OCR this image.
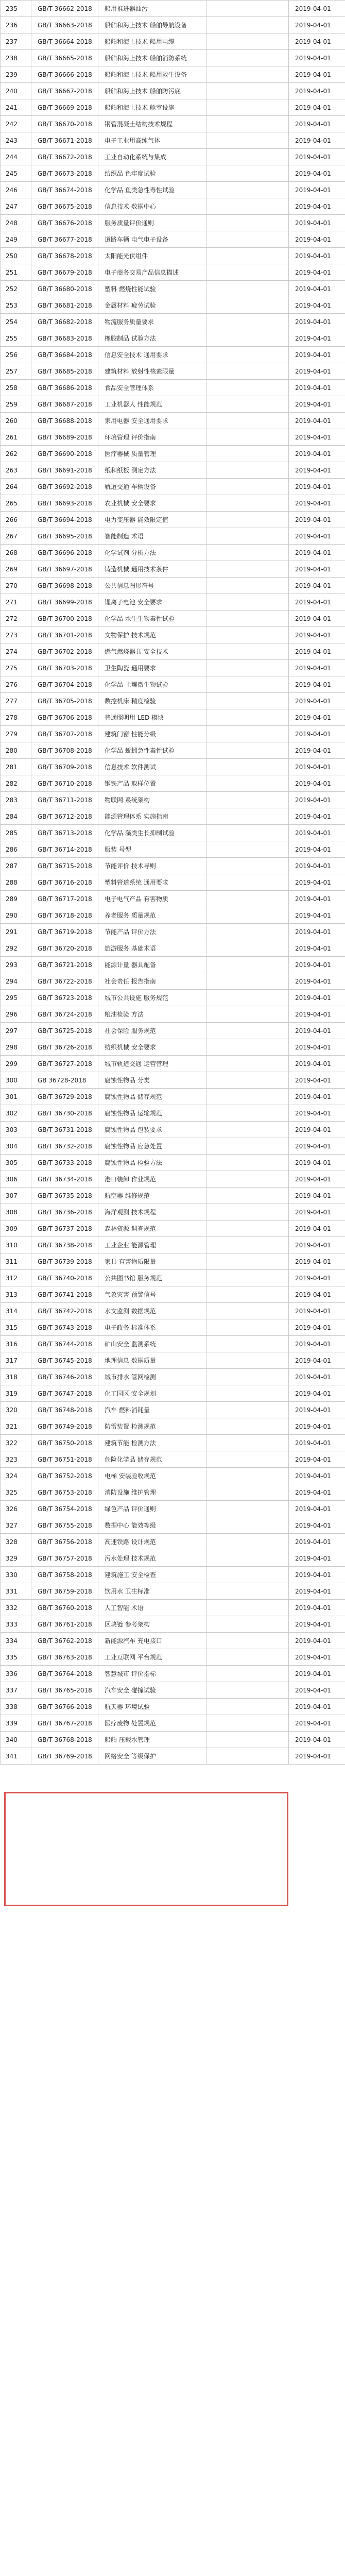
235	GB/T 36662-2018	船用推进器油污		2019-04-01
236	GB/T 36663-2018	船舶和海上技术 船舶导航设备		2019-04-01
237	GB/T 36664-2018	船舶和海上技术 船用电缆		2019-04-01
238	GB/T 36665-2018	船舶和海上技术 船舶消防系统		2019-04-01
239	GB/T 36666-2018	船舶和海上技术 船用救生设备		2019-04-01
240	GB/T 36667-2018	船舶和海上技术 船舶防污底		2019-04-01
241	GB/T 36669-2018	船舶和海上技术 舱室设施		2019-04-01
242	GB/T 36670-2018	钢管混凝土结构技术规程		2019-04-01
243	GB/T 36671-2018	电子工业用高纯气体		2019-04-01
244	GB/T 36672-2018	工业自动化系统与集成		2019-04-01
245	GB/T 36673-2018	纺织品 色牢度试验		2019-04-01
246	GB/T 36674-2018	化学品 鱼类急性毒性试验		2019-04-01
247	GB/T 36675-2018	信息技术 数据中心		2019-04-01
248	GB/T 36676-2018	服务质量评价通则		2019-04-01
249	GB/T 36677-2018	道路车辆 电气电子设备		2019-04-01
250	GB/T 36678-2018	太阳能光伏组件		2019-04-01
251	GB/T 36679-2018	电子商务交易产品信息描述		2019-04-01
252	GB/T 36680-2018	塑料 燃烧性能试验		2019-04-01
253	GB/T 36681-2018	金属材料 疲劳试验		2019-04-01
254	GB/T 36682-2018	物流服务质量要求		2019-04-01
255	GB/T 36683-2018	橡胶制品 试验方法		2019-04-01
256	GB/T 36684-2018	信息安全技术 通用要求		2019-04-01
257	GB/T 36685-2018	建筑材料 放射性核素限量		2019-04-01
258	GB/T 36686-2018	食品安全管理体系		2019-04-01
259	GB/T 36687-2018	工业机器人 性能规范		2019-04-01
260	GB/T 36688-2018	家用电器 安全通用要求		2019-04-01
261	GB/T 36689-2018	环境管理 评价指南		2019-04-01
262	GB/T 36690-2018	医疗器械 质量管理		2019-04-01
263	GB/T 36691-2018	纸和纸板 测定方法		2019-04-01
264	GB/T 36692-2018	轨道交通 车辆设备		2019-04-01
265	GB/T 36693-2018	农业机械 安全要求		2019-04-01
266	GB/T 36694-2018	电力变压器 能效限定值		2019-04-01
267	GB/T 36695-2018	智能制造 术语		2019-04-01
268	GB/T 36696-2018	化学试剂 分析方法		2019-04-01
269	GB/T 36697-2018	铸造机械 通用技术条件		2019-04-01
270	GB/T 36698-2018	公共信息图形符号		2019-04-01
271	GB/T 36699-2018	锂离子电池 安全要求		2019-04-01
272	GB/T 36700-2018	化学品 水生生物毒性试验		2019-04-01
273	GB/T 36701-2018	文物保护 技术规范		2019-04-01
274	GB/T 36702-2018	燃气燃烧器具 安全技术		2019-04-01
275	GB/T 36703-2018	卫生陶瓷 通用要求		2019-04-01
276	GB/T 36704-2018	化学品 土壤微生物试验		2019-04-01
277	GB/T 36705-2018	数控机床 精度检验		2019-04-01
278	GB/T 36706-2018	普通照明用 LED 模块		2019-04-01
279	GB/T 36707-2018	建筑门窗 性能分级		2019-04-01
280	GB/T 36708-2018	化学品 蚯蚓急性毒性试验		2019-04-01
281	GB/T 36709-2018	信息技术 软件测试		2019-04-01
282	GB/T 36710-2018	钢铁产品 取样位置		2019-04-01
283	GB/T 36711-2018	物联网 系统架构		2019-04-01
284	GB/T 36712-2018	能源管理体系 实施指南		2019-04-01
285	GB/T 36713-2018	化学品 藻类生长抑制试验		2019-04-01
286	GB/T 36714-2018	服装 号型		2019-04-01
287	GB/T 36715-2018	节能评价 技术导则		2019-04-01
288	GB/T 36716-2018	塑料管道系统 通用要求		2019-04-01
289	GB/T 36717-2018	电子电气产品 有害物质		2019-04-01
290	GB/T 36718-2018	养老服务 质量规范		2019-04-01
291	GB/T 36719-2018	节能产品 评价方法		2019-04-01
292	GB/T 36720-2018	旅游服务 基础术语		2019-04-01
293	GB/T 36721-2018	能源计量 器具配备		2019-04-01
294	GB/T 36722-2018	社会责任 报告指南		2019-04-01
295	GB/T 36723-2018	城市公共设施 服务规范		2019-04-01
296	GB/T 36724-2018	粮油检验 方法		2019-04-01
297	GB/T 36725-2018	社会保险 服务规范		2019-04-01
298	GB/T 36726-2018	纺织机械 安全要求		2019-04-01
299	GB/T 36727-2018	城市轨道交通 运营管理		2019-04-01
300	GB 36728-2018	腐蚀性物品 分类		2019-04-01
301	GB/T 36729-2018	腐蚀性物品 储存规范		2019-04-01
302	GB/T 36730-2018	腐蚀性物品 运输规范		2019-04-01
303	GB/T 36731-2018	腐蚀性物品 包装要求		2019-04-01
304	GB/T 36732-2018	腐蚀性物品 应急处置		2019-04-01
305	GB/T 36733-2018	腐蚀性物品 检验方法		2019-04-01
306	GB/T 36734-2018	港口装卸 作业规范		2019-04-01
307	GB/T 36735-2018	航空器 维修规范		2019-04-01
308	GB/T 36736-2018	海洋观测 技术规程		2019-04-01
309	GB/T 36737-2018	森林资源 调查规范		2019-04-01
310	GB/T 36738-2018	工业企业 能源管理		2019-04-01
311	GB/T 36739-2018	家具 有害物质限量		2019-04-01
312	GB/T 36740-2018	公共图书馆 服务规范		2019-04-01
313	GB/T 36741-2018	气象灾害 预警信号		2019-04-01
314	GB/T 36742-2018	水文监测 数据规范		2019-04-01
315	GB/T 36743-2018	电子政务 标准体系		2019-04-01
316	GB/T 36744-2018	矿山安全 监测系统		2019-04-01
317	GB/T 36745-2018	地理信息 数据质量		2019-04-01
318	GB/T 36746-2018	城市排水 管网检测		2019-04-01
319	GB/T 36747-2018	化工园区 安全规划		2019-04-01
320	GB/T 36748-2018	汽车 燃料消耗量		2019-04-01
321	GB/T 36749-2018	防雷装置 检测规范		2019-04-01
322	GB/T 36750-2018	建筑节能 检测方法		2019-04-01
323	GB/T 36751-2018	危险化学品 储存规范		2019-04-01
324	GB/T 36752-2018	电梯 安装验收规范		2019-04-01
325	GB/T 36753-2018	消防设施 维护管理		2019-04-01
326	GB/T 36754-2018	绿色产品 评价通则		2019-04-01
327	GB/T 36755-2018	数据中心 能效等级		2019-04-01
328	GB/T 36756-2018	高速铁路 设计规范		2019-04-01
329	GB/T 36757-2018	污水处理 技术规范		2019-04-01
330	GB/T 36758-2018	建筑施工 安全检查		2019-04-01
331	GB/T 36759-2018	饮用水 卫生标准		2019-04-01
332	GB/T 36760-2018	人工智能 术语		2019-04-01
333	GB/T 36761-2018	区块链 参考架构		2019-04-01
334	GB/T 36762-2018	新能源汽车 充电接口		2019-04-01
335	GB/T 36763-2018	工业互联网 平台规范		2019-04-01
336	GB/T 36764-2018	智慧城市 评价指标		2019-04-01
337	GB/T 36765-2018	汽车安全 碰撞试验		2019-04-01
338	GB/T 36766-2018	航天器 环境试验		2019-04-01
339	GB/T 36767-2018	医疗废物 处置规范		2019-04-01
340	GB/T 36768-2018	船舶 压载水管理		2019-04-01
341	GB/T 36769-2018	网络安全 等级保护		2019-04-01
